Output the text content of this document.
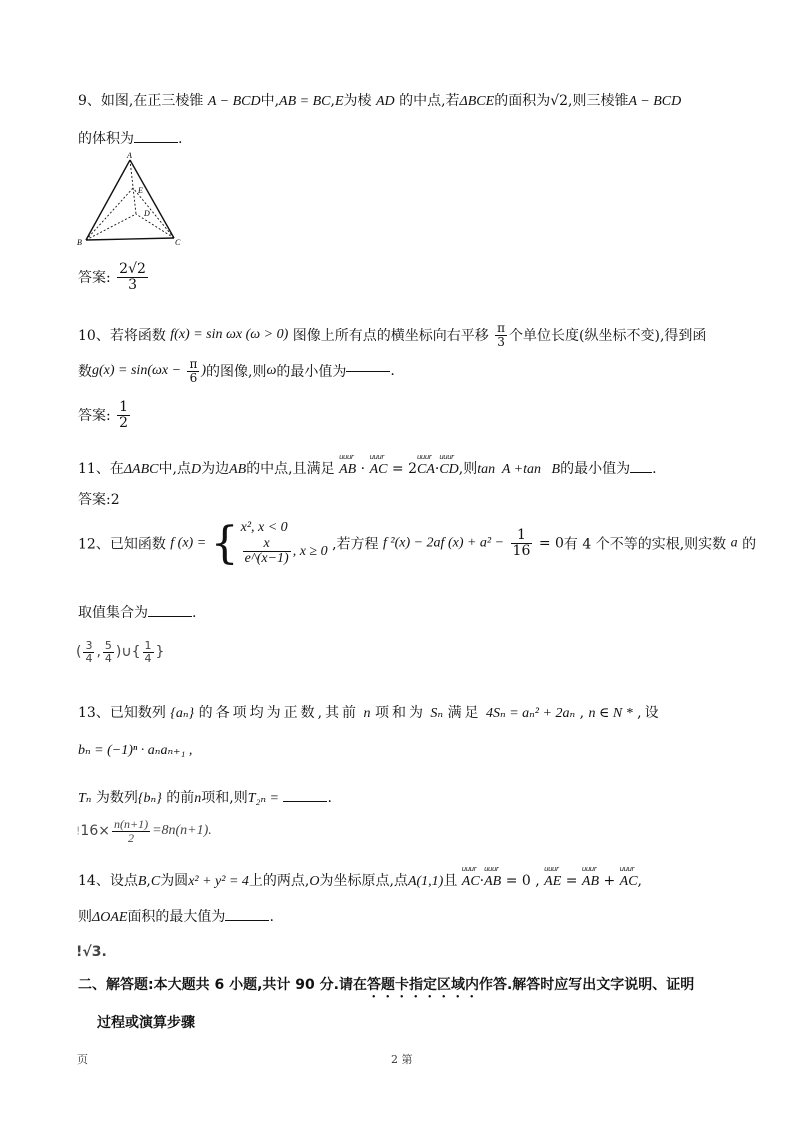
9、如图,在正三棱锥 A − BCD中,AB = BC,E为棱 AD 的中点,若ΔBCE的面积为√2,则三棱锥A − BCD
的体积为	.
A
E
D
B	C
答案: $\frac{2√2}{3}$
10、若将函数 f(x) = sin ωx (ω > 0) 图像上所有点的横坐标向右平移 $\frac{\pi}{3}$ 个单位长度(纵坐标不变),得到函
数$g(x) = \sin(\omega x - \frac{\pi}{6}$ )的图像,则ω的最小值为	.
答案: $\frac{1}{2}$
11、在ΔABC中,点D为边AB的中点,且满足 uuur AB · uuur AC = 2uuur CA·uuur CD,则tan  A +tan   B的最小值为 .
答案:2
12、已知函数 f (x) = { x², x < 0
$\frac{x}{e\^{}(x-1)}$ , x ≥ 0 ,若方程 f ²(x) − 2af $(x) + a^2 - \frac{1}{16} = 0$有 4 个不等的实根,则实数 a 的
取值集合为	.
( $\frac{3}{4}$ , $\frac{5}{4}$ )∪{ $\frac{1}{4}$ }
13、已知数列 {aₙ} 的各项均为正数,其前 n 项和为 Sₙ 满足 4Sₙ = aₙ² + 2aₙ , n ∈ N * ,设
bₙ = (−1)ⁿ · aₙaₙ₊₁ ,
Tₙ 为数列{bₙ} 的前n项和,则T₂ₙ =	.
$!16\times \frac{n(n+1)}{2} =8n(n+1)$.
14、设点B,C为圆x² + y² = 4上的两点,O为坐标原点,点A(1,1)且 uuur AC·uuur AB = 0 , uuur AE = uuur AB + uuur AC,
则ΔOAE面积的最大值为	.
!√3.
二、解答题:本大题共 6 小题,共计 90 分.请在答题卡指定区域内作答.解答时应写出文字说明、证明
过程或演算步骤
页	2 第
